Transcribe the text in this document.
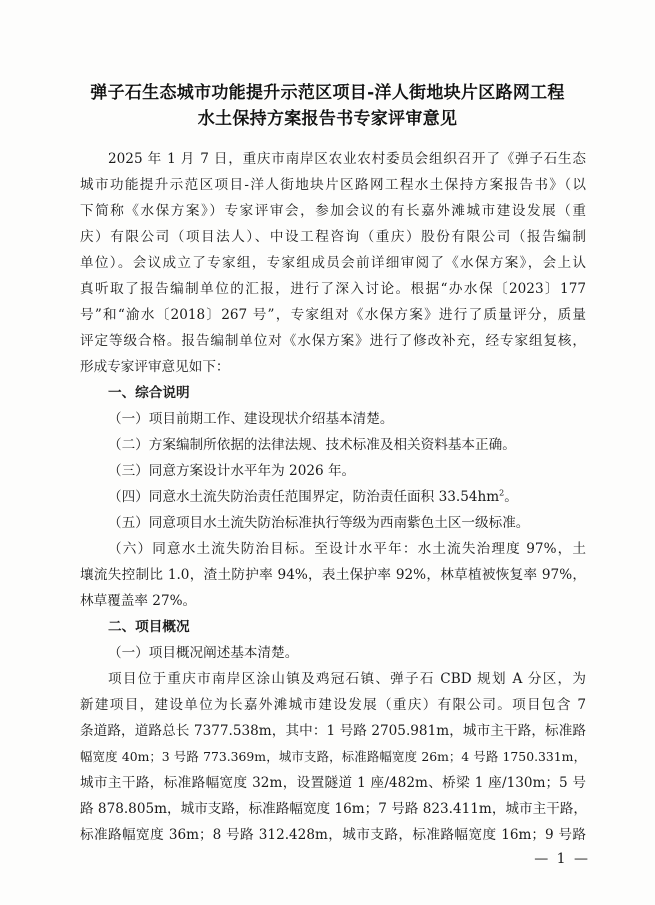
弹子石生态城市功能提升示范区项目-洋人街地块片区路网工程
水土保持方案报告书专家评审意见
2025 年 1 月 7 日，重庆市南岸区农业农村委员会组织召开了《弹子石生态
城市功能提升示范区项目-洋人街地块片区路网工程水土保持方案报告书》（以
下简称《水保方案》）专家评审会，参加会议的有长嘉外滩城市建设发展（重
庆）有限公司（项目法人）、中设工程咨询（重庆）股份有限公司（报告编制
单位）。会议成立了专家组，专家组成员会前详细审阅了《水保方案》，会上认
真听取了报告编制单位的汇报，进行了深入讨论。根据“办水保〔2023〕177
号”和“渝水〔2018〕267 号”，专家组对《水保方案》进行了质量评分，质量
评定等级合格。报告编制单位对《水保方案》进行了修改补充，经专家组复核，
形成专家评审意见如下：
一、综合说明
（一）项目前期工作、建设现状介绍基本清楚。
（二）方案编制所依据的法律法规、技术标准及相关资料基本正确。
（三）同意方案设计水平年为 2026 年。
（四）同意水土流失防治责任范围界定，防治责任面积 $33.54hm^2$。
（五）同意项目水土流失防治标准执行等级为西南紫色土区一级标准。
（六）同意水土流失防治目标。至设计水平年：水土流失治理度 97%，土
壤流失控制比 1.0，渣土防护率 94%，表土保护率 92%，林草植被恢复率 97%，
林草覆盖率 27%。
二、项目概况
（一）项目概况阐述基本清楚。
项目位于重庆市南岸区涂山镇及鸡冠石镇、弹子石 CBD 规划 A 分区，为
新建项目，建设单位为长嘉外滩城市建设发展（重庆）有限公司。项目包含 7
条道路，道路总长 7377.538m，其中：1 号路 2705.981m，城市主干路，标准路
幅宽度 40m；3 号路 773.369m，城市支路，标准路幅宽度 26m；4 号路 1750.331m，
城市主干路，标准路幅宽度 32m，设置隧道 1 座/482m、桥梁 1 座/130m；5 号
路 878.805m，城市支路，标准路幅宽度 16m；7 号路 823.411m，城市主干路，
标准路幅宽度 36m；8 号路 312.428m，城市支路，标准路幅宽度 16m；9 号路
— 1 —
